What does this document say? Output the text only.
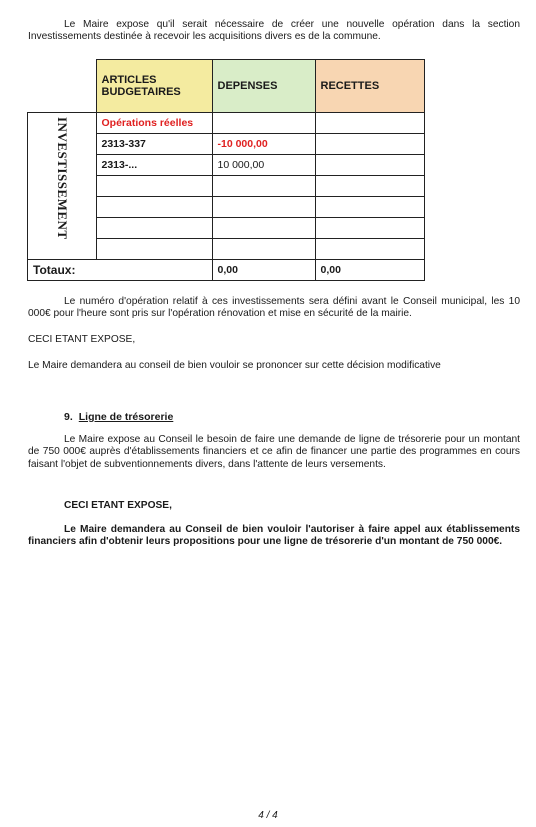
Le Maire expose qu'il serait nécessaire de créer une nouvelle opération dans la section Investissements destinée à recevoir les acquisitions divers es de la commune.

	ARTICLES BUDGETAIRES	DEPENSES	RECETTES
INVESTISSEMENT	Opérations réelles		
	2313-337	-10 000,00	
	2313-...	10 000,00	

Totaux:		0,00	0,00

Le numéro d'opération relatif à ces investissements sera défini avant le Conseil municipal, les 10 000€ pour l'heure sont pris sur l'opération rénovation et mise en sécurité de la mairie.

CECI ETANT EXPOSE,

Le Maire demandera au conseil de bien vouloir se prononcer sur cette décision modificative

9. Ligne de trésorerie

Le Maire expose au Conseil le besoin de faire une demande de ligne de trésorerie pour un montant de 750 000€ auprès d'établissements financiers et ce afin de financer une partie des programmes en cours faisant l'objet de subventionnements divers, dans l'attente de leurs versements.

CECI ETANT EXPOSE,

Le Maire demandera au Conseil de bien vouloir l'autoriser à faire appel aux établissements financiers afin d'obtenir leurs propositions pour une ligne de trésorerie d'un montant de 750 000€.

4 / 4
